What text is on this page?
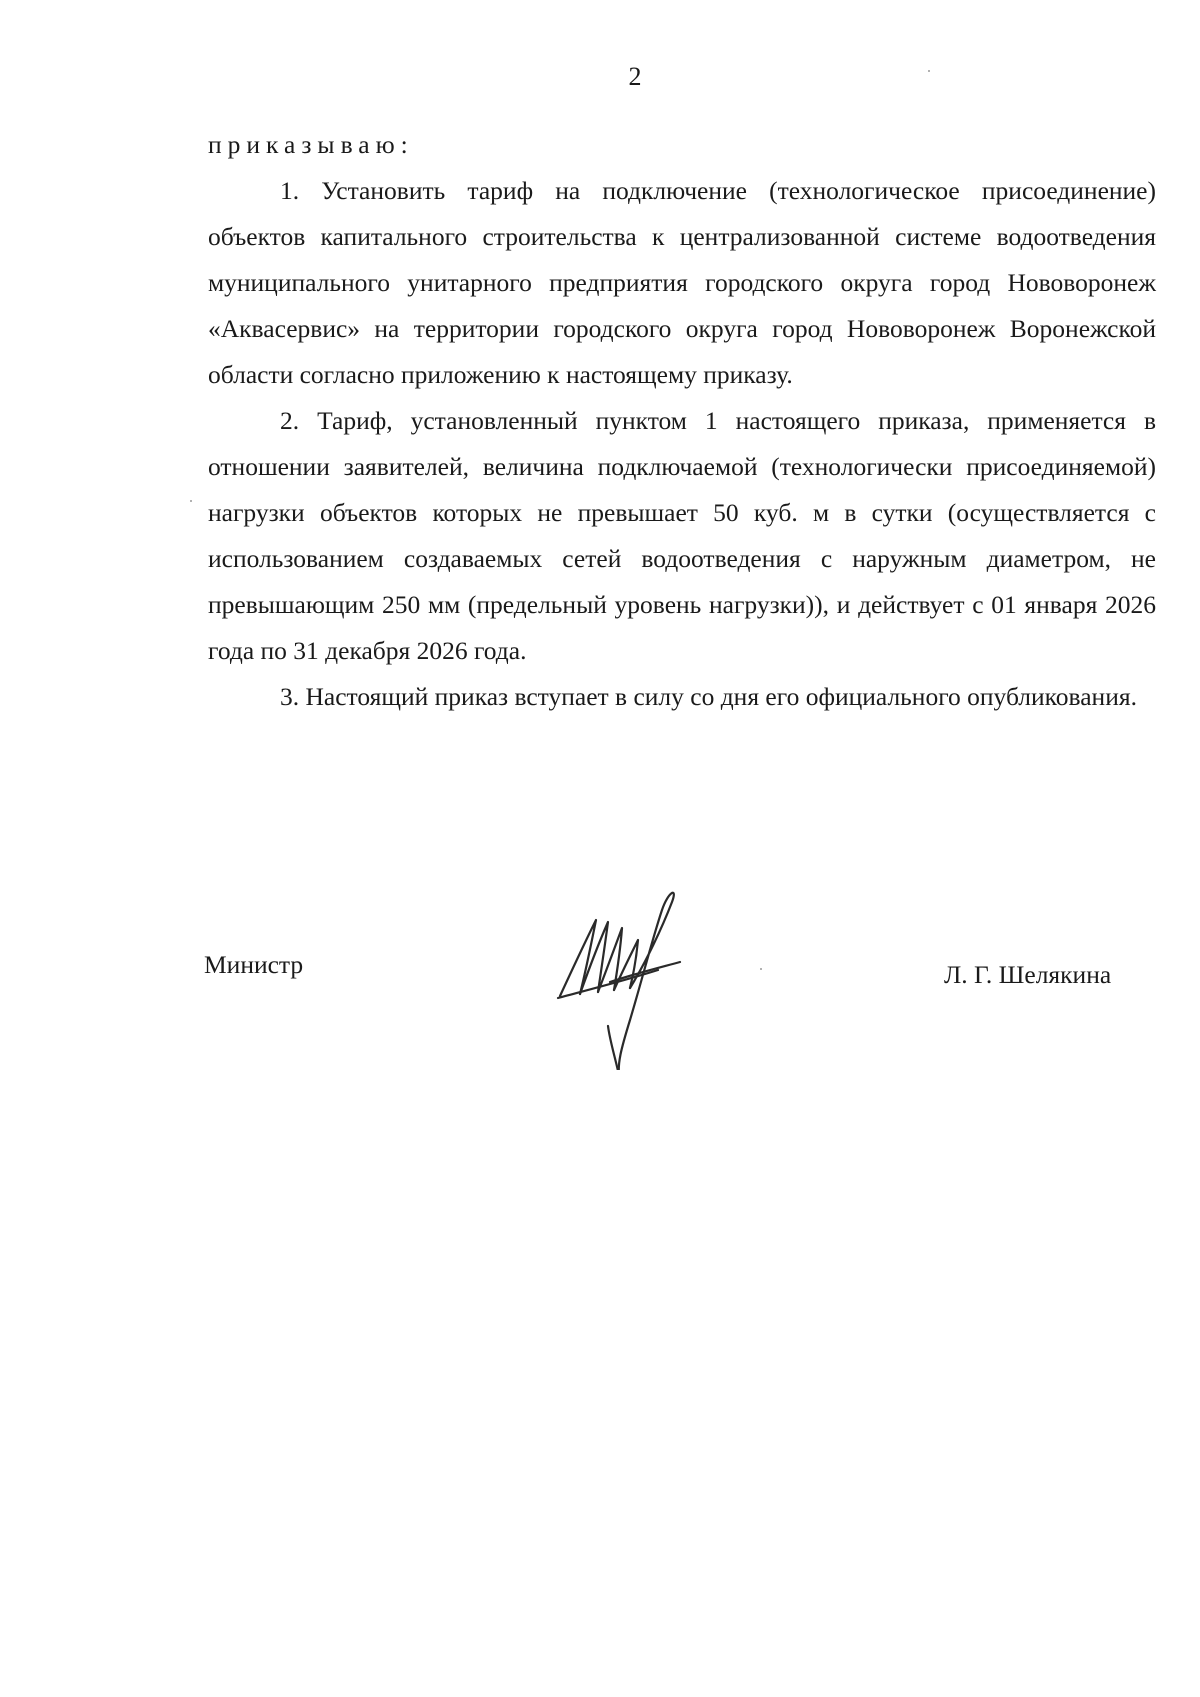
2

приказываю:

1. Установить тариф на подключение (технологическое присоединение) объектов капитального строительства к централизованной системе водоотведения муниципального унитарного предприятия городского округа город Нововоронеж «Аквасервис» на территории городского округа город Нововоронеж Воронежской области согласно приложению к настоящему приказу.

2. Тариф, установленный пунктом 1 настоящего приказа, применяется в отношении заявителей, величина подключаемой (технологически присоединяемой) нагрузки объектов которых не превышает 50 куб. м в сутки (осуществляется с использованием создаваемых сетей водоотведения с наружным диаметром, не превышающим 250 мм (предельный уровень нагрузки)), и действует с 01 января 2026 года по 31 декабря 2026 года.

3. Настоящий приказ вступает в силу со дня его официального опубликования.

Министр	Л. Г. Шелякина
